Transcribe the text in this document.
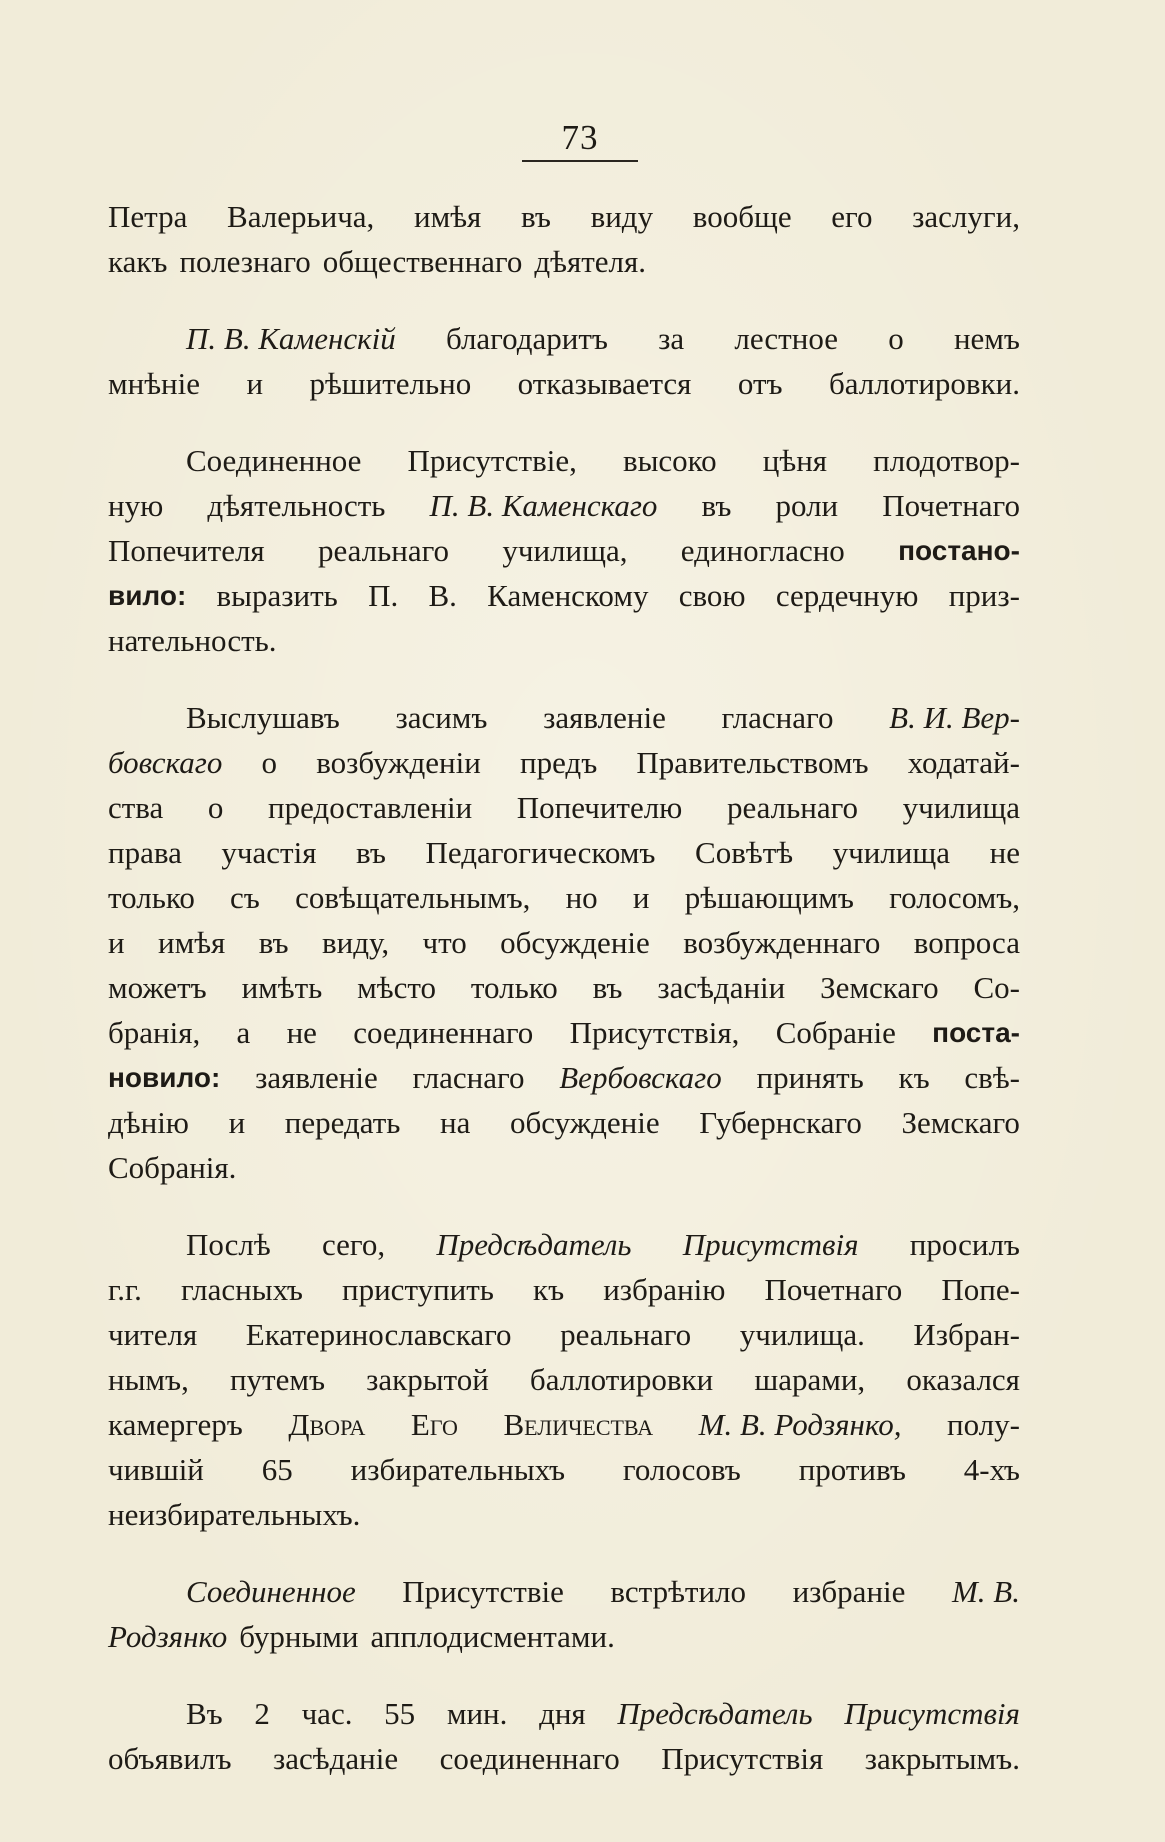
73
Петра Валерьича, имѣя въ виду вообще его заслуги,
какъ полезнаго общественнаго дѣятеля.
П. В. Каменскій благодаритъ за лестное о немъ
мнѣніе и рѣшительно отказывается отъ баллотировки.
Соединенное Присутствіе, высоко цѣня плодотвор-
ную дѣятельность П. В. Каменскаго въ роли Почетнаго
Попечителя реальнаго училища, единогласно постано-
вило: выразить П. В. Каменскому свою сердечную приз-
нательность.
Выслушавъ засимъ заявленіе гласнаго В. И. Вер-
бовскаго о возбужденіи предъ Правительствомъ ходатай-
ства о предоставленіи Попечителю реальнаго училища
права участія въ Педагогическомъ Совѣтѣ училища не
только съ совѣщательнымъ, но и рѣшающимъ голосомъ,
и имѣя въ виду, что обсужденіе возбужденнаго вопроса
можетъ имѣть мѣсто только въ засѣданіи Земскаго Со-
бранія, а не соединеннаго Присутствія, Собраніе поста-
новило: заявленіе гласнаго Вербовскаго принять къ свѣ-
дѣнію и передать на обсужденіе Губернскаго Земскаго
Собранія.
Послѣ сего, Предсѣдатель Присутствія просилъ
г.г. гласныхъ приступить къ избранію Почетнаго Попе-
чителя Екатеринославскаго реальнаго училища. Избран-
нымъ, путемъ закрытой баллотировки шарами, оказался
камергеръ Двора Его Величества М. В. Родзянко, полу-
чившій 65 избирательныхъ голосовъ противъ 4-хъ
неизбирательныхъ.
Соединенное Присутствіе встрѣтило избраніе М. В.
Родзянко бурными апплодисментами.
Въ 2 час. 55 мин. дня Предсѣдатель Присутствія
объявилъ засѣданіе соединеннаго Присутствія закрытымъ.
